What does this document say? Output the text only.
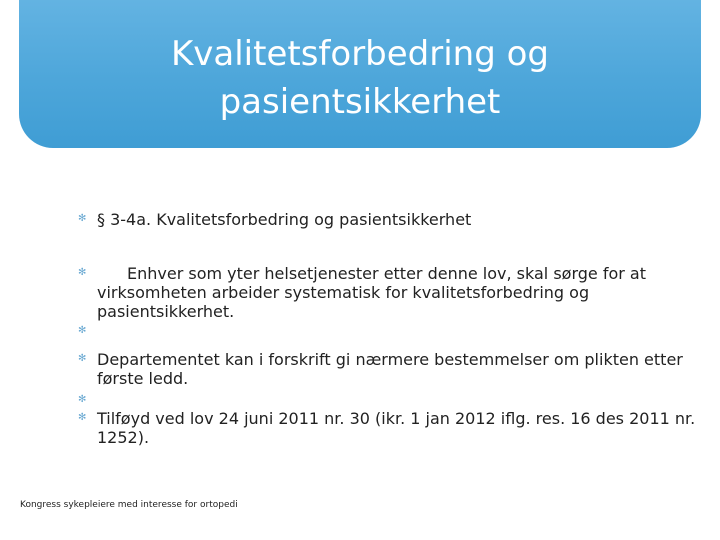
Kvalitetsforbedring og
pasientsikkerhet
✻ § 3-4a. Kvalitetsforbedring og pasientsikkerhet
✻	Enhver som yter helsetjenester etter denne lov, skal sørge for at virksomheten arbeider systematisk for kvalitetsforbedring og pasientsikkerhet.
✻
✻ Departementet kan i forskrift gi nærmere bestemmelser om plikten etter første ledd.
✻
✻ Tilføyd ved lov 24 juni 2011 nr. 30 (ikr. 1 jan 2012 iflg. res. 16 des 2011 nr. 1252).
Kongress sykepleiere med interesse for ortopedi
